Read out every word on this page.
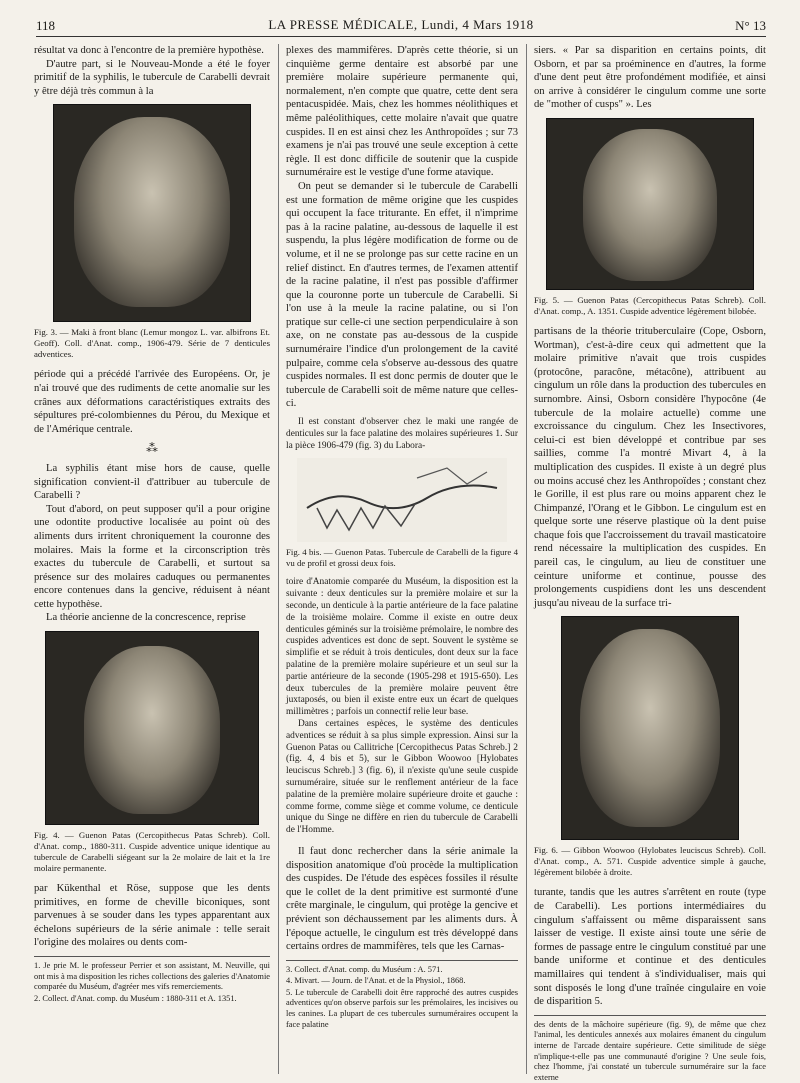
118	LA PRESSE MÉDICALE, Lundi, 4 Mars 1918	N° 13

résultat va donc à l'encontre de la première hypothèse.

D'autre part, si le Nouveau-Monde a été le foyer primitif de la syphilis, le tubercule de Carabelli devrait y être déjà très commun à la

Fig. 3. — Maki à front blanc (Lemur mongoz L. var. albifrons Et. Geoff). Coll. d'Anat. comp., 1906-479. Série de 7 denticules adventices.

période qui a précédé l'arrivée des Européens. Or, je n'ai trouvé que des rudiments de cette anomalie sur les crânes aux déformations caractéristiques extraits des sépultures pré-colombiennes du Pérou, du Mexique et de l'Amérique centrale.

⁂

La syphilis étant mise hors de cause, quelle signification convient-il d'attribuer au tubercule de Carabelli ?

Tout d'abord, on peut supposer qu'il a pour origine une odontite productive localisée au point où des aliments durs irritent chroniquement la couronne des molaires. Mais la forme et la circonscription très exactes du tubercule de Carabelli, et surtout sa présence sur des molaires caduques ou permanentes encore contenues dans la gencive, réduisent à néant cette hypothèse.

La théorie ancienne de la concrescence, reprise

Fig. 4. — Guenon Patas (Cercopithecus Patas Schreb). Coll. d'Anat. comp., 1880-311. Cuspide adventice unique identique au tubercule de Carabelli siégeant sur la 2e molaire de lait et la 1re molaire permanente.

par Kükenthal et Röse, suppose que les dents primitives, en forme de cheville biconiques, sont parvenues à se souder dans les types apparentant aux échelons supérieurs de la série animale : telle serait l'origine des molaires ou dents com-

1. Je prie M. le professeur Perrier et son assistant, M. Neuville, qui ont mis à ma disposition les riches collections des galeries d'Anatomie comparée du Muséum, d'agréer mes vifs remerciements.
2. Collect. d'Anat. comp. du Muséum : 1880-311 et A. 1351.

plexes des mammifères. D'après cette théorie, si un cinquième germe dentaire est absorbé par une première molaire supérieure permanente qui, normalement, n'en compte que quatre, cette dent sera pentacuspidée. Mais, chez les hommes néolithiques et même paléolithiques, cette molaire n'avait que quatre cuspides. Il en est ainsi chez les Anthropoïdes ; sur 73 examens je n'ai pas trouvé une seule exception à cette règle. Il est donc difficile de soutenir que la cuspide surnuméraire est le vestige d'une forme atavique.

On peut se demander si le tubercule de Carabelli est une formation de même origine que les cuspides qui occupent la face triturante. En effet, il n'imprime pas à la racine palatine, au-dessous de laquelle il est suspendu, la plus légère modification de forme ou de volume, et il ne se prolonge pas sur cette racine en un relief distinct. En d'autres termes, de l'examen attentif de la racine palatine, il n'est pas possible d'affirmer que la couronne porte un tubercule de Carabelli. Si l'on use à la meule la racine palatine, ou si l'on pratique sur celle-ci une section perpendiculaire à son axe, on ne constate pas au-dessous de la cuspide surnuméraire l'indice d'un prolongement de la cavité pulpaire, comme cela s'observe au-dessous des quatre cuspides normales. Il est donc permis de douter que le tubercule de Carabelli soit de même nature que celles-ci.

Il est constant d'observer chez le maki une rangée de denticules sur la face palatine des molaires supérieures 1. Sur la pièce 1906-479 (fig. 3) du Labora-

Fig. 4 bis. — Guenon Patas. Tubercule de Carabelli de la figure 4 vu de profil et grossi deux fois.

toire d'Anatomie comparée du Muséum, la disposition est la suivante : deux denticules sur la première molaire et sur la seconde, un denticule à la partie antérieure de la face palatine de la troisième molaire. Comme il existe en outre deux denticules géminés sur la troisième prémolaire, le nombre des cuspides adventices est donc de sept. Souvent le système se simplifie et se réduit à trois denticules, dont deux sur la face palatine de la première molaire supérieure et un seul sur la partie antérieure de la seconde (1905-298 et 1915-650). Les deux tubercules de la première molaire peuvent être juxtaposés, ou bien il existe entre eux un écart de quelques millimètres ; parfois un connectif relie leur base.

Dans certaines espèces, le système des denticules adventices se réduit à sa plus simple expression. Ainsi sur la Guenon Patas ou Callitriche [Cercopithecus Patas Schreb.] 2 (fig. 4, 4 bis et 5), sur le Gibbon Woowoo [Hylobates leuciscus Schreb.] 3 (fig. 6), il n'existe qu'une seule cuspide surnuméraire, située sur le renflement antérieur de la face palatine de la première molaire supérieure droite et gauche : comme forme, comme siège et comme volume, ce denticule unique du Singe ne diffère en rien du tubercule de Carabelli de l'Homme.

Il faut donc rechercher dans la série animale la disposition anatomique d'où procède la multiplication des cuspides. De l'étude des espèces fossiles il résulte que le collet de la dent primitive est surmonté d'une crête marginale, le cingulum, qui protège la gencive et prévient son déchaussement par les aliments durs. À l'époque actuelle, le cingulum est très développé dans certains ordres de mammifères, tels que les Carnas-

3. Collect. d'Anat. comp. du Muséum : A. 571.
4. Mivart. — Journ. de l'Anat. et de la Physiol., 1868.
5. Le tubercule de Carabelli doit être rapproché des autres cuspides adventices qu'on observe parfois sur les prémolaires, les incisives ou les canines. La plupart de ces tubercules surnuméraires occupent la face palatine

siers. « Par sa disparition en certains points, dit Osborn, et par sa proéminence en d'autres, la forme d'une dent peut être profondément modifiée, et ainsi on arrive à considérer le cingulum comme une sorte de "mother of cusps" ». Les

Fig. 5. — Guenon Patas (Cercopithecus Patas Schreb). Coll. d'Anat. comp., A. 1351. Cuspide adventice légèrement bilobée.

partisans de la théorie trituberculaire (Cope, Osborn, Wortman), c'est-à-dire ceux qui admettent que la molaire primitive n'avait que trois cuspides (protocône, paracône, métacône), attribuent au cingulum un rôle dans la production des tubercules en surnombre. Ainsi, Osborn considère l'hypocône (4e tubercule de la molaire actuelle) comme une excroissance du cingulum. Chez les Insectivores, celui-ci est bien développé et contribue par ses saillies, comme l'a montré Mivart 4, à la multiplication des cuspides. Il existe à un degré plus ou moins accusé chez les Anthropoïdes ; constant chez le Gorille, il est plus rare ou moins apparent chez le Chimpanzé, l'Orang et le Gibbon. Le cingulum est en quelque sorte une réserve plastique où la dent puise chaque fois que l'accroissement du travail masticatoire rend nécessaire la multiplication des cuspides. En pareil cas, le cingulum, au lieu de constituer une ceinture uniforme et continue, pousse des prolongements cuspidiens dont les uns descendent jusqu'au niveau de la surface tri-

Fig. 6. — Gibbon Woowoo (Hylobates leuciscus Schreb). Coll. d'Anat. comp., A. 571. Cuspide adventice simple à gauche, légèrement bilobée à droite.

turante, tandis que les autres s'arrêtent en route (type de Carabelli). Les portions intermédiaires du cingulum s'affaissent ou même disparaissent sans laisser de vestige. Il existe ainsi toute une série de formes de passage entre le cingulum constitué par une bande uniforme et continue et des denticules mamillaires qui tendent à s'individualiser, mais qui sont disposés le long d'une traînée cingulaire en voie de disparition 5.

des dents de la mâchoire supérieure (fig. 9), de même que chez l'animal, les denticules annexés aux molaires émanent du cingulum interne de l'arcade dentaire supérieure. Cette similitude de siège n'implique-t-elle pas une communauté d'origine ? Une seule fois, chez l'homme, j'ai constaté un tubercule surnuméraire sur la face externe
